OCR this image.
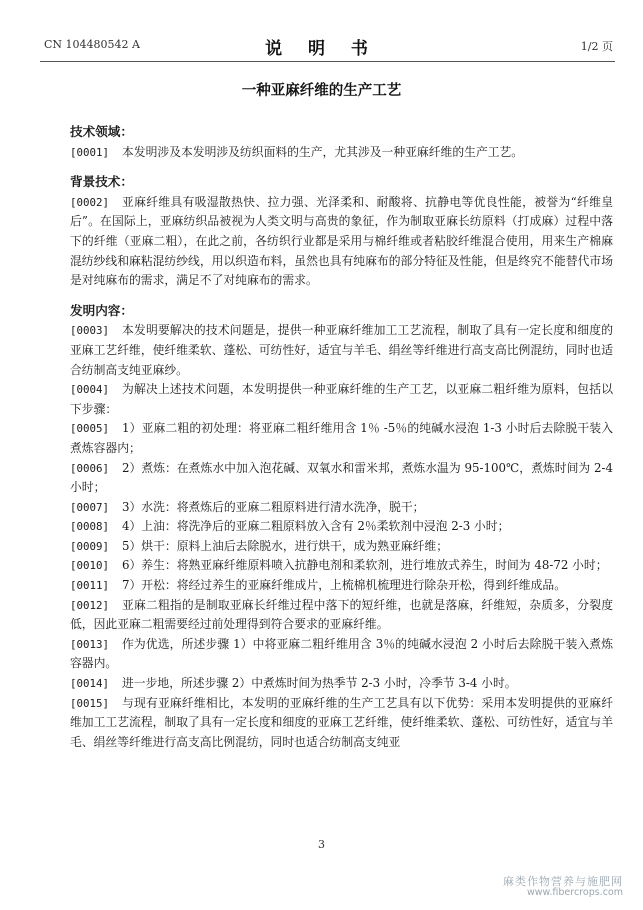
CN 104480542 A	说 明 书	1/2 页
一种亚麻纤维的生产工艺
技术领域：

[0001] 本发明涉及本发明涉及纺织面料的生产，尤其涉及一种亚麻纤维的生产工艺。

背景技术：

[0002] 亚麻纤维具有吸湿散热快、拉力强、光泽柔和、耐酸将、抗静电等优良性能，被誉为“纤维皇后”。在国际上，亚麻纺织品被视为人类文明与高贵的象征，作为制取亚麻长纺原料（打成麻）过程中落下的纤维（亚麻二粗），在此之前，各纺织行业都是采用与棉纤维或者粘胶纤维混合使用，用来生产棉麻混纺纱线和麻粘混纺纱线，用以织造布料，虽然也具有纯麻布的部分特征及性能，但是终究不能替代市场是对纯麻布的需求，满足不了对纯麻布的需求。

发明内容：

[0003] 本发明要解决的技术问题是，提供一种亚麻纤维加工工艺流程，制取了具有一定长度和细度的亚麻工艺纤维，使纤维柔软、蓬松、可纺性好，适宜与羊毛、绢丝等纤维进行高支高比例混纺，同时也适合纺制高支纯亚麻纱。

[0004] 为解决上述技术问题，本发明提供一种亚麻纤维的生产工艺，以亚麻二粗纤维为原料，包括以下步骤：

[0005] 1）亚麻二粗的初处理：将亚麻二粗纤维用含 1％ -5％的纯碱水浸泡 1-3 小时后去除脱干装入煮炼容器内；

[0006] 2）煮炼：在煮炼水中加入泡花碱、双氧水和雷米邦，煮炼水温为 95-100℃，煮炼时间为 2-4 小时；

[0007] 3）水洗：将煮炼后的亚麻二粗原料进行清水洗净，脱干；

[0008] 4）上油：将洗净后的亚麻二粗原料放入含有 2％柔软剂中浸泡 2-3 小时；

[0009] 5）烘干：原料上油后去除脱水，进行烘干，成为熟亚麻纤维；

[0010] 6）养生：将熟亚麻纤维原料喷入抗静电剂和柔软剂，进行堆放式养生，时间为 48-72 小时；

[0011] 7）开松：将经过养生的亚麻纤维成片，上梳棉机梳理进行除杂开松，得到纤维成品。

[0012] 亚麻二粗指的是制取亚麻长纤维过程中落下的短纤维，也就是落麻，纤维短，杂质多，分裂度低，因此亚麻二粗需要经过前处理得到符合要求的亚麻纤维。

[0013] 作为优选，所述步骤 1）中将亚麻二粗纤维用含 3％的纯碱水浸泡 2 小时后去除脱干装入煮炼容器内。

[0014] 进一步地，所述步骤 2）中煮炼时间为热季节 2-3 小时，冷季节 3-4 小时。

[0015] 与现有亚麻纤维相比，本发明的亚麻纤维的生产工艺具有以下优势：采用本发明提供的亚麻纤维加工工艺流程，制取了具有一定长度和细度的亚麻工艺纤维，使纤维柔软、蓬松、可纺性好，适宜与羊毛、绢丝等纤维进行高支高比例混纺，同时也适合纺制高支纯亚

3
麻类作物营养与施肥网
www.fibercrops.com
